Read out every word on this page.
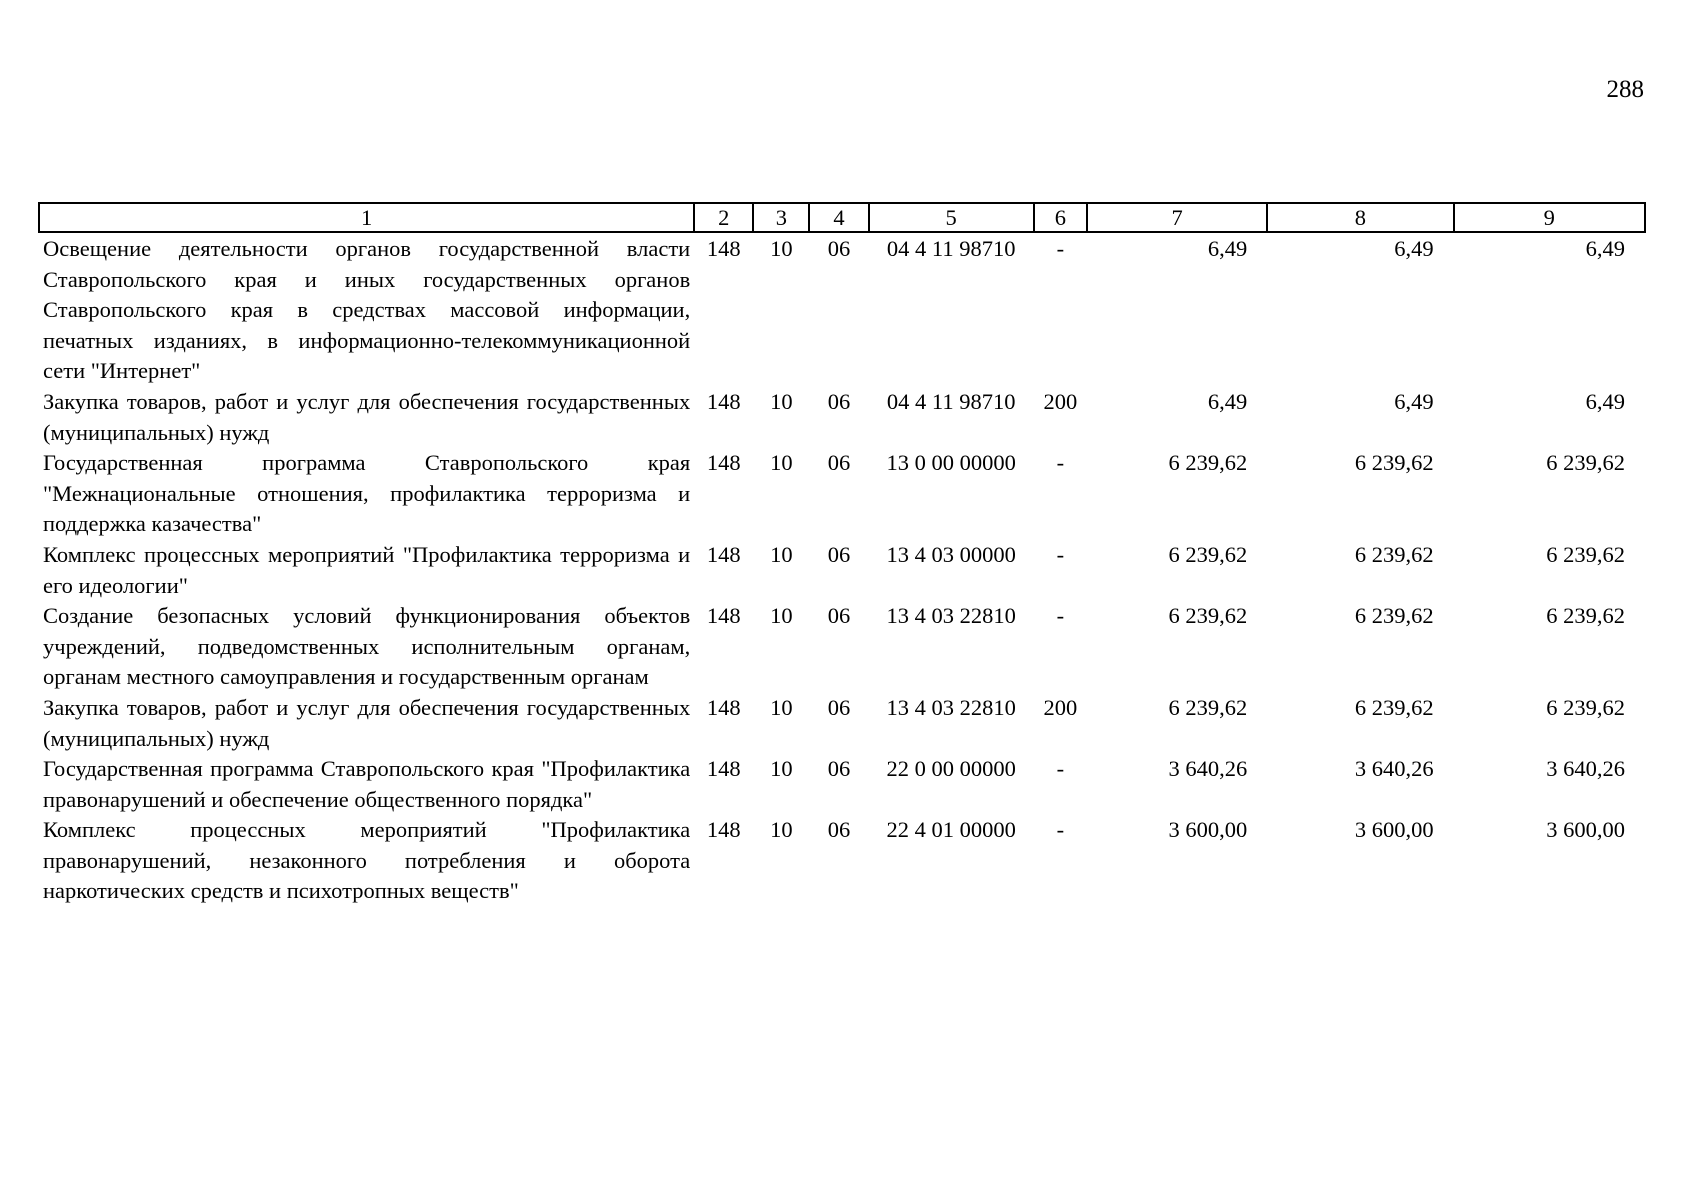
288
1	2	3	4	5	6	7	8	9
Освещение деятельности органов государственной власти Ставропольского края и иных государственных органов Ставропольского края в средствах массовой информации, печатных изданиях, в информационно-телекоммуникационной сети "Интернет"	148	10	06	04 4 11 98710	-	6,49	6,49	6,49
Закупка товаров, работ и услуг для обеспечения государственных (муниципальных) нужд	148	10	06	04 4 11 98710	200	6,49	6,49	6,49
Государственная программа Ставропольского края "Межнациональные отношения, профилактика терроризма и поддержка казачества"	148	10	06	13 0 00 00000	-	6 239,62	6 239,62	6 239,62
Комплекс процессных мероприятий "Профилактика терроризма и его идеологии"	148	10	06	13 4 03 00000	-	6 239,62	6 239,62	6 239,62
Создание безопасных условий функционирования объектов учреждений, подведомственных исполнительным органам, органам местного самоуправления и государственным органам	148	10	06	13 4 03 22810	-	6 239,62	6 239,62	6 239,62
Закупка товаров, работ и услуг для обеспечения государственных (муниципальных) нужд	148	10	06	13 4 03 22810	200	6 239,62	6 239,62	6 239,62
Государственная программа Ставропольского края "Профилактика правонарушений и обеспечение общественного порядка"	148	10	06	22 0 00 00000	-	3 640,26	3 640,26	3 640,26
Комплекс процессных мероприятий "Профилактика правонарушений, незаконного потребления и оборота наркотических средств и психотропных веществ"	148	10	06	22 4 01 00000	-	3 600,00	3 600,00	3 600,00
